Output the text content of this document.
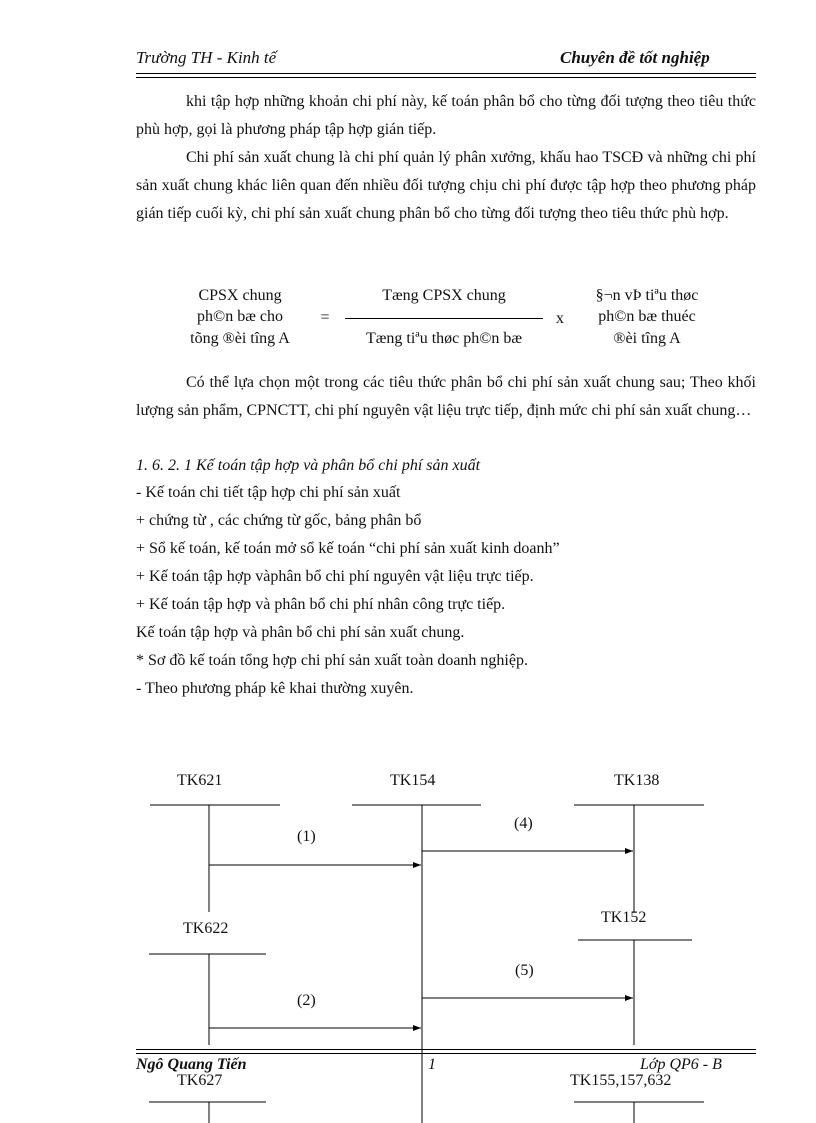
Trường TH - Kinh tế	Chuyên đề tốt nghiệp

khi tập hợp những khoản chi phí này, kế toán phân bổ cho từng đối tượng theo tiêu thức phù hợp, gọi là phương pháp tập hợp gián tiếp.

Chi phí sản xuất chung là chi phí quản lý phân xưởng, khấu hao TSCĐ và những chi phí sản xuất chung khác liên quan đến nhiều đối tượng chịu chi phí được tập hợp theo phương pháp gián tiếp cuối kỳ, chi phí sản xuất chung phân bổ cho từng đối tượng theo tiêu thức phù hợp.

CPSX chung
ph©n bæ cho
tõng ®èi tîng A
=
Tæng CPSX chung
Tæng tiªu thøc ph©n bæ
x
§¬n vÞ tiªu thøc
ph©n bæ thuéc
®èi tîng A

Có thể lựa chọn một trong các tiêu thức phân bổ chi phí sản xuất chung sau; Theo khối lượng sản phẩm, CPNCTT, chi phí nguyên vật liệu trực tiếp, định mức chi phí sản xuất chung…

1. 6. 2. 1 Kế toán tập hợp và phân bổ chi phí sản xuất
- Kế toán chi tiết tập hợp chi phí sản xuất
+ chứng từ , các chứng từ gốc, bảng phân bổ
+ Sổ kế toán, kế toán mở sổ kế toán “chi phí sản xuất kinh doanh”
+ Kế toán tập hợp vàphân bổ chi phí nguyên vật liệu trực tiếp.
+ Kế toán tập hợp và phân bổ chi phí nhân công trực tiếp.
Kế toán tập hợp và phân bổ chi phí sản xuất chung.
* Sơ đồ kế toán tổng hợp chi phí sản xuất toàn doanh nghiệp.
- Theo phương pháp kê khai thường xuyên.
TK621	TK154	TK138
TK622
TK152
TK627	TK155,157,632
(1)
(4)
(5)
(2)
Ngô Quang Tiến	1	Lớp QP6 - B
